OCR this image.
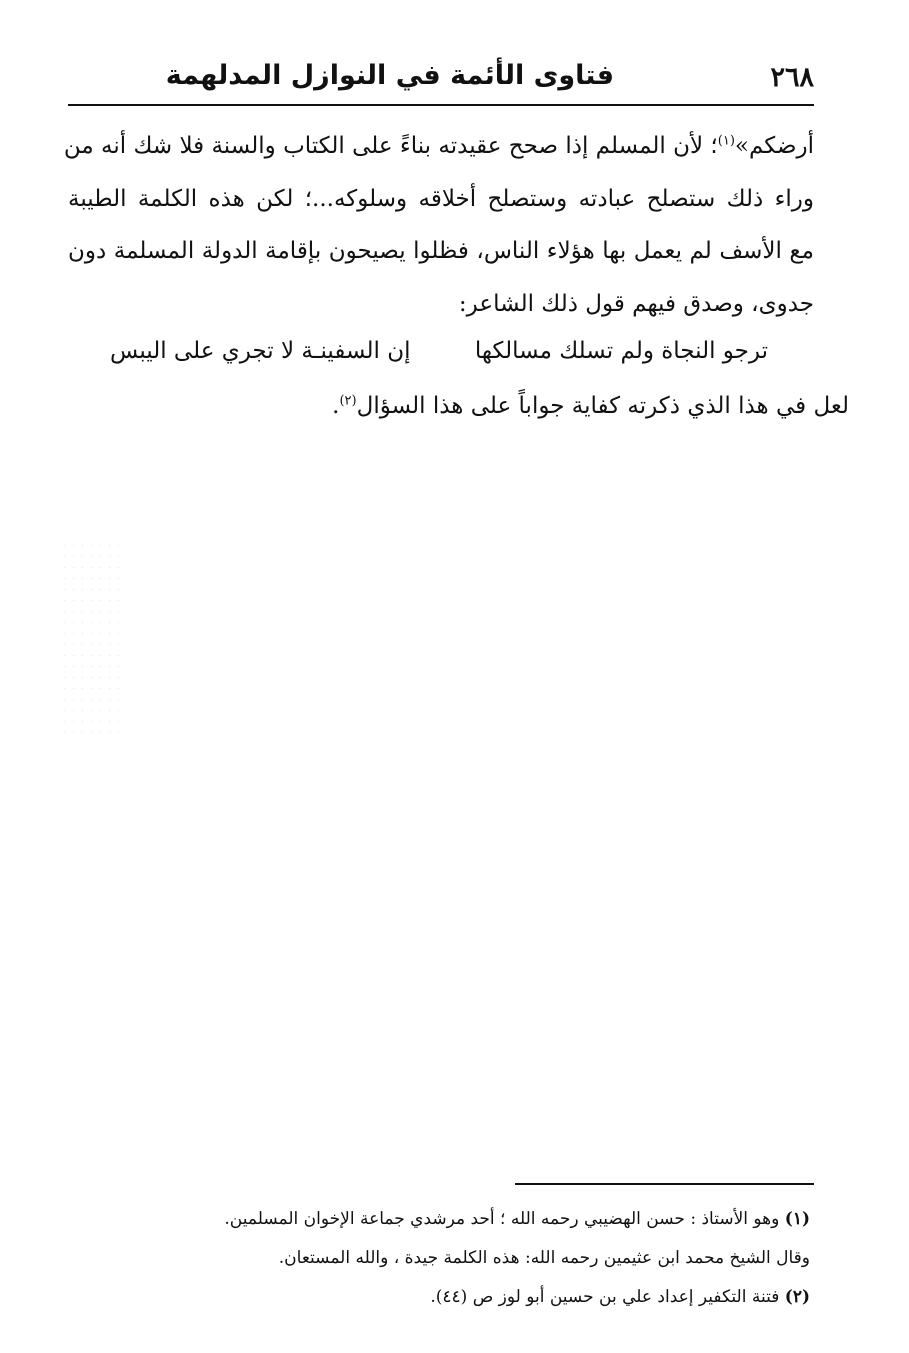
٢٦٨
فتاوى الأئمة في النوازل المدلهمة
أرضكم»$^{(١)}$؛ لأن المسلم إذا صحح عقيدته بناءً على الكتاب والسنة فلا شك أنه من
وراء ذلك ستصلح عبادته وستصلح أخلاقه وسلوكه...؛ لكن هذه الكلمة الطيبة
مع الأسف لم يعمل بها هؤلاء الناس، فظلوا يصيحون بإقامة الدولة المسلمة دون
جدوى، وصدق فيهم قول ذلك الشاعر:
ترجو النجاة ولم تسلك مسالكها
إن السفينـة لا تجري على اليبس
لعل في هذا الذي ذكرته كفاية جواباً على هذا السؤال$^{(٢)}$.
(١) وهو الأستاذ : حسن الهضيبي رحمه الله ؛ أحد مرشدي جماعة الإخوان المسلمين.
وقال الشيخ محمد ابن عثيمين رحمه الله: هذه الكلمة جيدة ، والله المستعان.
(٢) فتنة التكفير إعداد علي بن حسين أبو لوز ص (٤٤).
